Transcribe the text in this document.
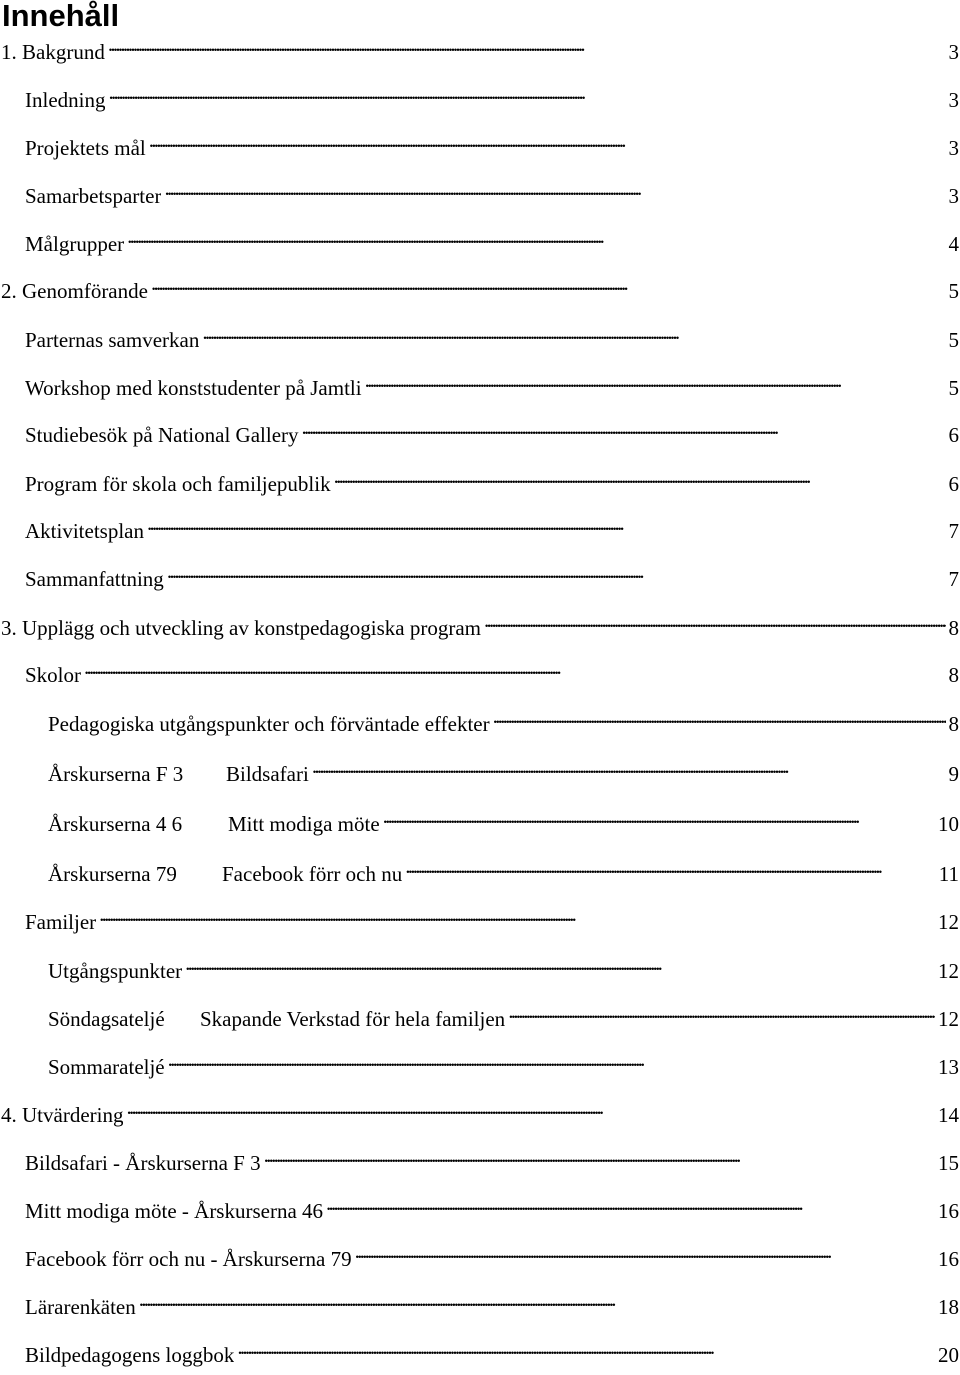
Innehåll
1. Bakgrund . . .	3
Inledning . . .	3
Projektets mål . . .	3
Samarbetsparter . . .	3
Målgrupper . . .	4
2. Genomförande . . .	5
Parternas samverkan . . .	5
Workshop med konststudenter på Jamtli . . .	5
Studiebesök på National Gallery . . .	6
Program för skola och familjepublik . . .	6
Aktivitetsplan . . .	7
Sammanfattning . . .	7
3. Upplägg och utveckling av konstpedagogiska program . . .	8
Skolor . . .	8
Pedagogiska utgångspunkter och förväntade effekter . . .	8
Årskurserna F 3 Bildsafari . . .	9
Årskurserna 4 6 Mitt modiga möte . . .	10
Årskurserna 79 Facebook förr och nu . . .	11
Familjer . . .	12
Utgångspunkter . . .	12
Söndagsateljé Skapande Verkstad för hela familjen . . .	12
Sommarateljé . . .	13
4. Utvärdering . . .	14
Bildsafari - Årskurserna F 3 . . .	15
Mitt modiga möte - Årskurserna 46 . . .	16
Facebook förr och nu - Årskurserna 79 . . .	16
Lärarenkäten . . .	18
Bildpedagogens loggbok . . .	20
